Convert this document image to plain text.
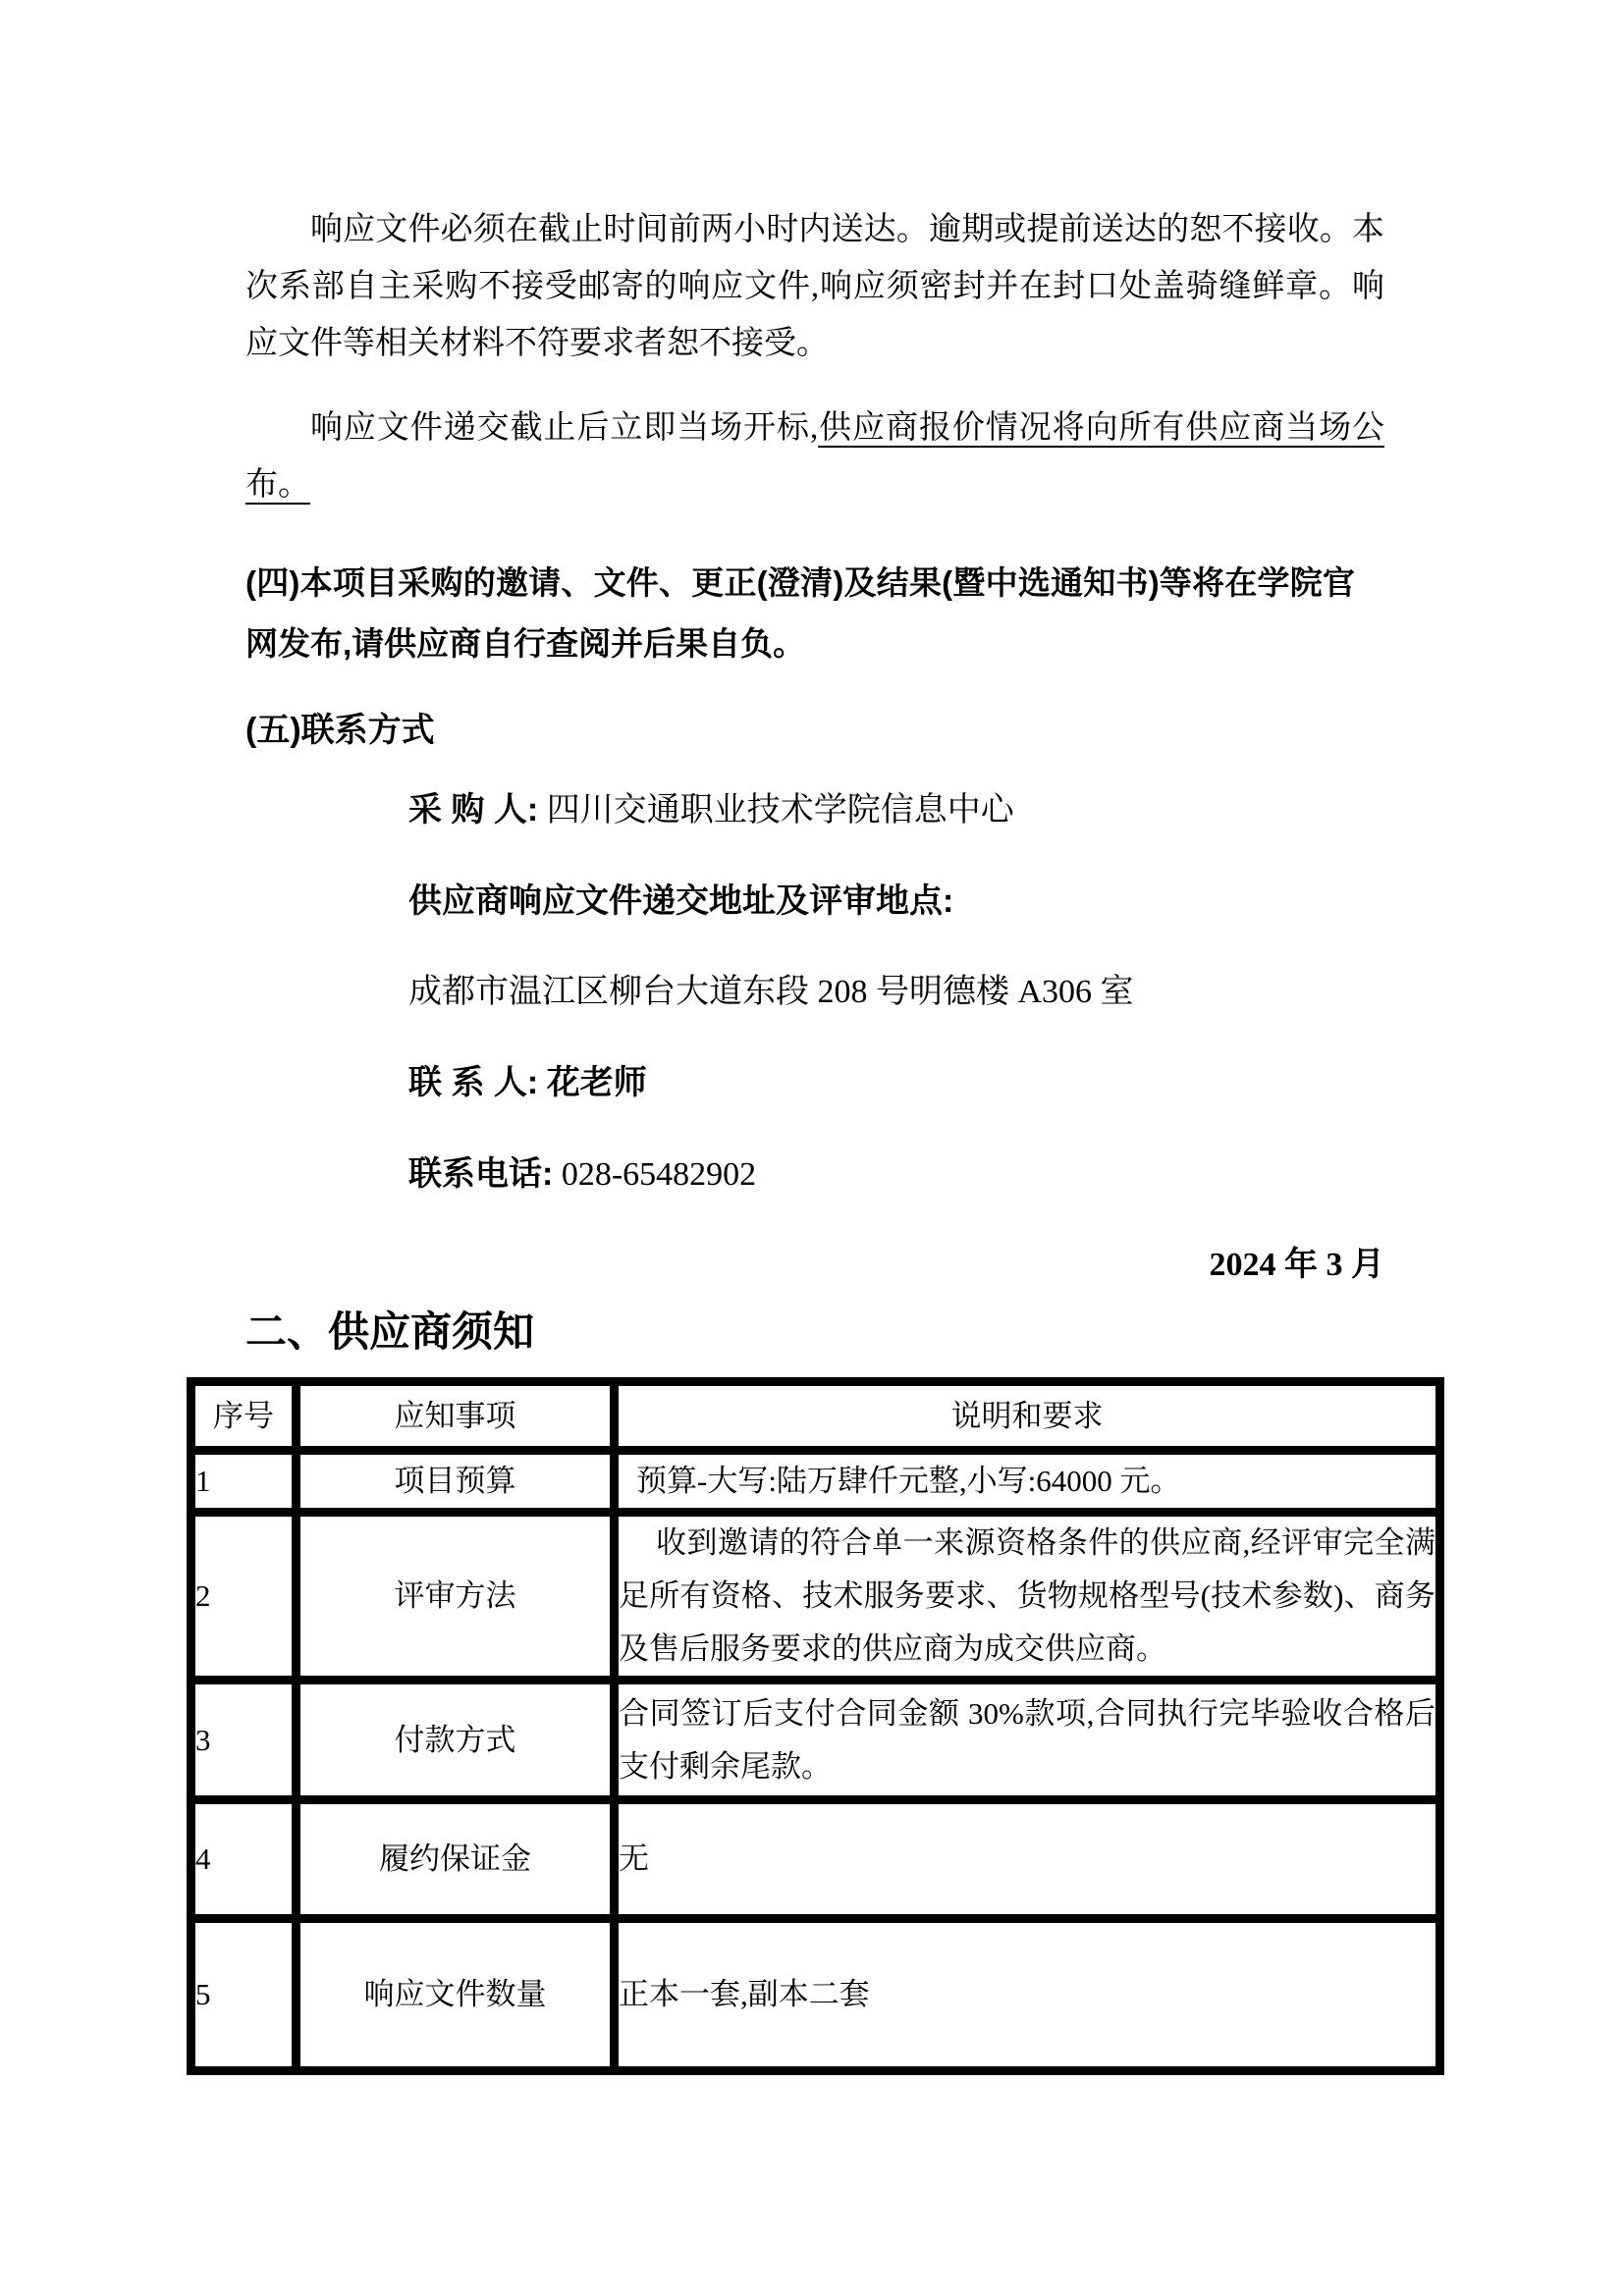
响应文件必须在截止时间前两小时内送达。逾期或提前送达的恕不接收。本次系部自主采购不接受邮寄的响应文件,响应须密封并在封口处盖骑缝鲜章。响应文件等相关材料不符要求者恕不接受。

响应文件递交截止后立即当场开标,供应商报价情况将向所有供应商当场公布。

(四)本项目采购的邀请、文件、更正(澄清)及结果(暨中选通知书)等将在学院官网发布,请供应商自行查阅并后果自负。

(五)联系方式

采 购 人: 四川交通职业技术学院信息中心
供应商响应文件递交地址及评审地点:
成都市温江区柳台大道东段 208 号明德楼 A306 室
联 系 人: 花老师
联系电话: 028-65482902
2024 年 3 月
二、供应商须知
序号	应知事项	说明和要求
1	项目预算	预算-大写:陆万肆仟元整,小写:64000 元。
2	评审方法	收到邀请的符合单一来源资格条件的供应商,经评审完全满足所有资格、技术服务要求、货物规格型号(技术参数)、商务及售后服务要求的供应商为成交供应商。
3	付款方式	合同签订后支付合同金额 30%款项,合同执行完毕验收合格后支付剩余尾款。
4	履约保证金	无
5	响应文件数量	正本一套,副本二套
